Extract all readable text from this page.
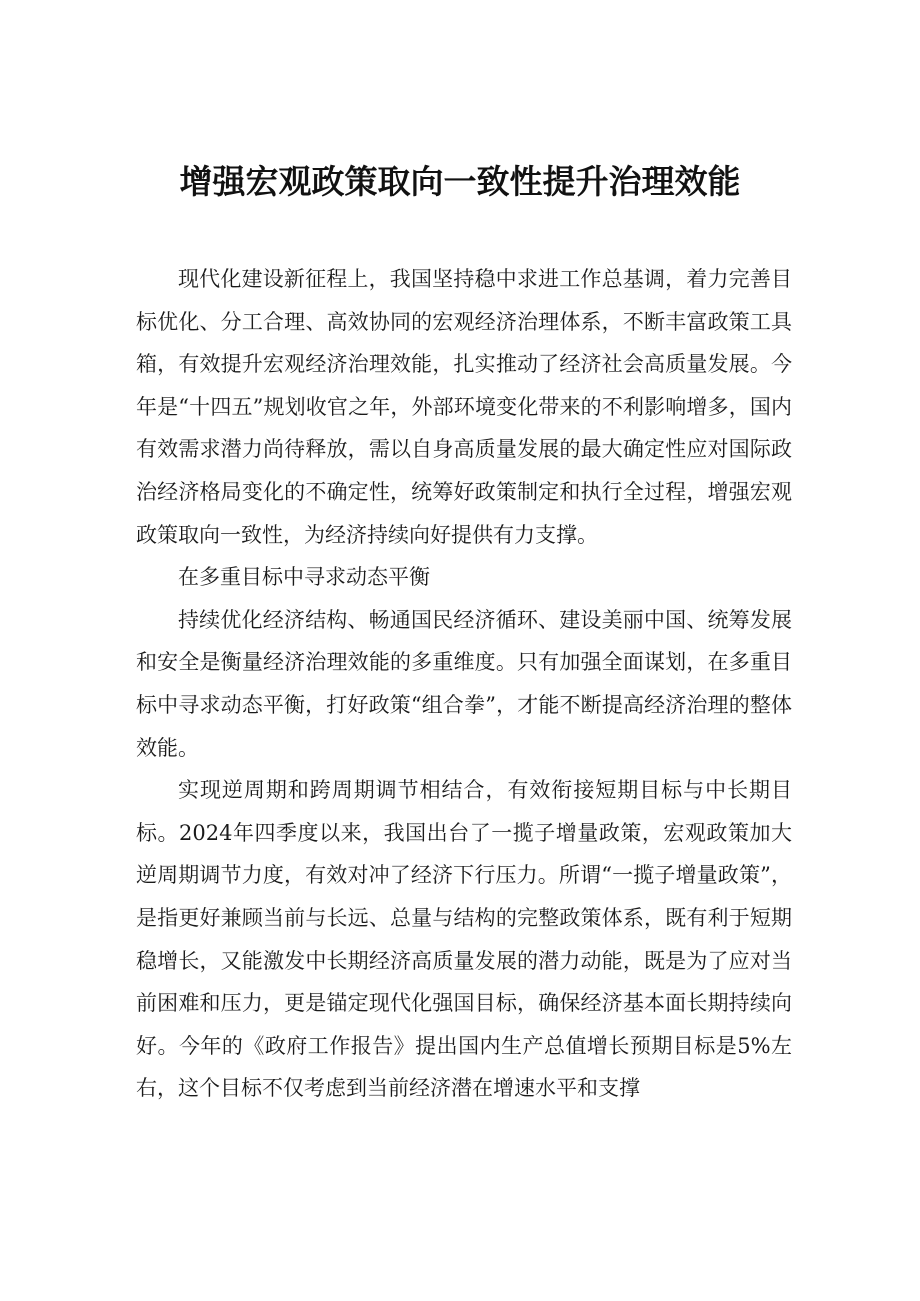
增强宏观政策取向一致性提升治理效能

现代化建设新征程上，我国坚持稳中求进工作总基调，着力完善目标优化、分工合理、高效协同的宏观经济治理体系，不断丰富政策工具箱，有效提升宏观经济治理效能，扎实推动了经济社会高质量发展。今年是“十四五”规划收官之年，外部环境变化带来的不利影响增多，国内有效需求潜力尚待释放，需以自身高质量发展的最大确定性应对国际政治经济格局变化的不确定性，统筹好政策制定和执行全过程，增强宏观政策取向一致性，为经济持续向好提供有力支撑。

在多重目标中寻求动态平衡

持续优化经济结构、畅通国民经济循环、建设美丽中国、统筹发展和安全是衡量经济治理效能的多重维度。只有加强全面谋划，在多重目标中寻求动态平衡，打好政策“组合拳”，才能不断提高经济治理的整体效能。

实现逆周期和跨周期调节相结合，有效衔接短期目标与中长期目标。2024年四季度以来，我国出台了一揽子增量政策，宏观政策加大逆周期调节力度，有效对冲了经济下行压力。所谓“一揽子增量政策”，是指更好兼顾当前与长远、总量与结构的完整政策体系，既有利于短期稳增长，又能激发中长期经济高质量发展的潜力动能，既是为了应对当前困难和压力，更是锚定现代化强国目标，确保经济基本面长期持续向好。今年的《政府工作报告》提出国内生产总值增长预期目标是5%左右，这个目标不仅考虑到当前经济潜在增速水平和支撑
